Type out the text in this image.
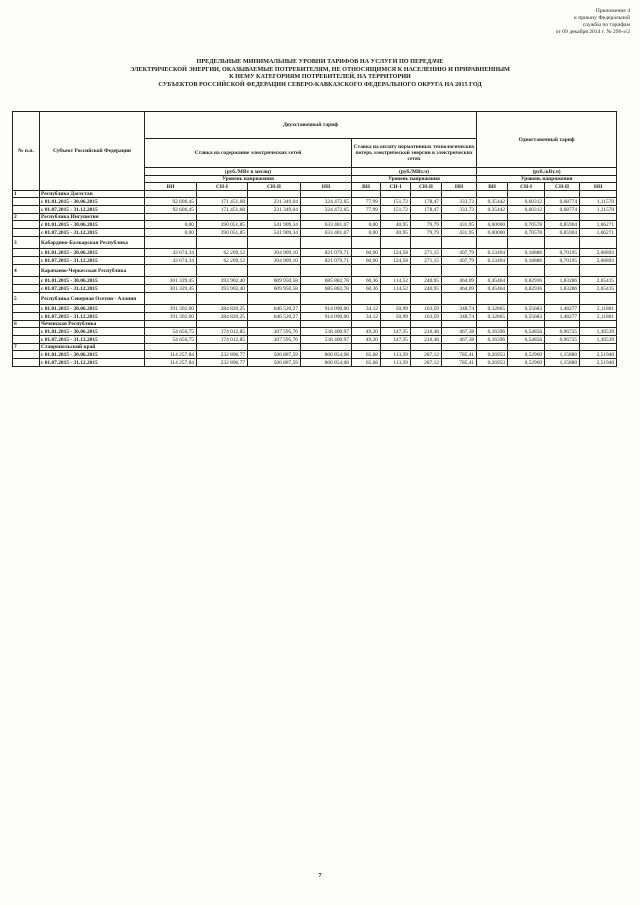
Приложение 4
к приказу Федеральной
службы по тарифам
от 09 декабря 2014 г. № 296-э/2
ПРЕДЕЛЬНЫЕ МИНИМАЛЬНЫЕ УРОВНИ ТАРИФОВ НА УСЛУГИ ПО ПЕРЕДАЧЕ
ЭЛЕКТРИЧЕСКОЙ ЭНЕРГИИ, ОКАЗЫВАЕМЫЕ ПОТРЕБИТЕЛЯМ, НЕ ОТНОСЯЩИМСЯ К НАСЕЛЕНИЮ И ПРИРАВНЕННЫМ
К НЕМУ КАТЕГОРИЯМ ПОТРЕБИТЕЛЕЙ, НА ТЕРРИТОРИИ
СУБЪЕКТОВ РОССИЙСКОЙ ФЕДЕРАЦИИ СЕВЕРО-КАВКАЗСКОГО ФЕДЕРАЛЬНОГО ОКРУГА НА 2015 ГОД
№ п.п.	Субъект Российской Федерации	Двухставочный тариф								Одноставочный тариф			
		Ставка на содержание электрических сетей				Ставка на оплату нормативных технологических потерь электрической энергии в электрических сетях							
		(руб./МВт в месяц)				(руб./МВт.ч)				(руб./кВт.ч)			
		Уровень напряжения				Уровень напряжения				Уровень напряжения			
		ВН	СН-I	СН-II	НН	ВН	СН-I	СН-II	НН	ВН	СН-I	СН-II	НН
1	Республика Дагестан												
	с 01.01.2015 - 30.06.2015	92 606,45	171 451,68	231 349,04	324 472,65	77,99	151,72	178,47	333,73	0,35442	0,60312	0,68774	1,11570
	с 01.07.2015 - 31.12.2015	92 606,45	171 451,68	231 349,04	324 472,65	77,99	151,72	178,47	333,73	0,35442	0,60312	0,68774	1,11570
2	Республика Ингушетия												
	с 01.01.2015 - 30.06.2015	0,00	390 051,85	541 909,34	633 481,07	0,00	40,95	79,79	431,95	0,00000	0,70578	0,85904	1,66271
	с 01.07.2015 - 31.12.2015	0,00	390 051,85	541 909,34	633 481,07	0,00	40,95	79,79	431,95	0,00000	0,70578	0,85904	1,66271
3	Кабардино-Балкарская Республика												
	с 01.01.2015 - 30.06.2015	43 674,34	62 209,12	304 909,10	821 079,71	60,90	124,58	271,15	407,79	0,13494	0,18886	0,70195	2,06893
	с 01.07.2015 - 31.12.2015	43 674,34	62 209,12	304 909,10	821 079,71	60,90	124,58	271,15	407,79	0,13494	0,18886	0,70195	2,06893
4	Карачаево-Черкесская Республика												
	с 01.01.2015 - 30.06.2015	301 329,45	393 902,40	609 950,58	685 882,78	60,36	114,52	240,95	464,09	0,45464	0,82936	1,83286	2,65415
	с 01.07.2015 - 31.12.2015	301 329,45	393 902,40	609 950,58	685 882,78	60,36	114,52	240,95	464,09	0,45464	0,82936	1,83286	2,65415
5	Республика Северная Осетия - Алания												
	с 01.01.2015 - 30.06.2015	191 392,00	284 820,25	646 520,27	914 090,00	34,12	50,99	163,59	348,74	0,32865	0,55683	1,48277	2,11881
	с 01.07.2015 - 31.12.2015	191 392,00	284 820,25	646 520,27	914 090,00	34,12	50,99	163,59	348,74	0,32865	0,55683	1,48277	2,11881
6	Чеченская Республика												
	с 01.01.2015 - 30.06.2015	54 656,75	174 012,85	307 595,76	538 400,97	49,20	147,35	210,48	467,38	0,16396	0,54856	0,96725	1,49539
	с 01.07.2015 - 31.12.2015	54 656,75	174 012,85	307 595,76	538 400,97	49,20	147,35	210,48	467,38	0,16396	0,54856	0,96725	1,49539
7	Ставропольский край												
	с 01.01.2015 - 30.06.2015	114 257,84	232 896,77	506 887,59	800 854,08	65,68	113,39	287,12	785,41	0,26953	0,52969	1,15880	2,51940
	с 01.07.2015 - 31.12.2015	114 257,84	232 896,77	506 887,59	800 854,08	65,68	113,39	287,12	785,41	0,26953	0,52969	1,15880	2,51940
7
